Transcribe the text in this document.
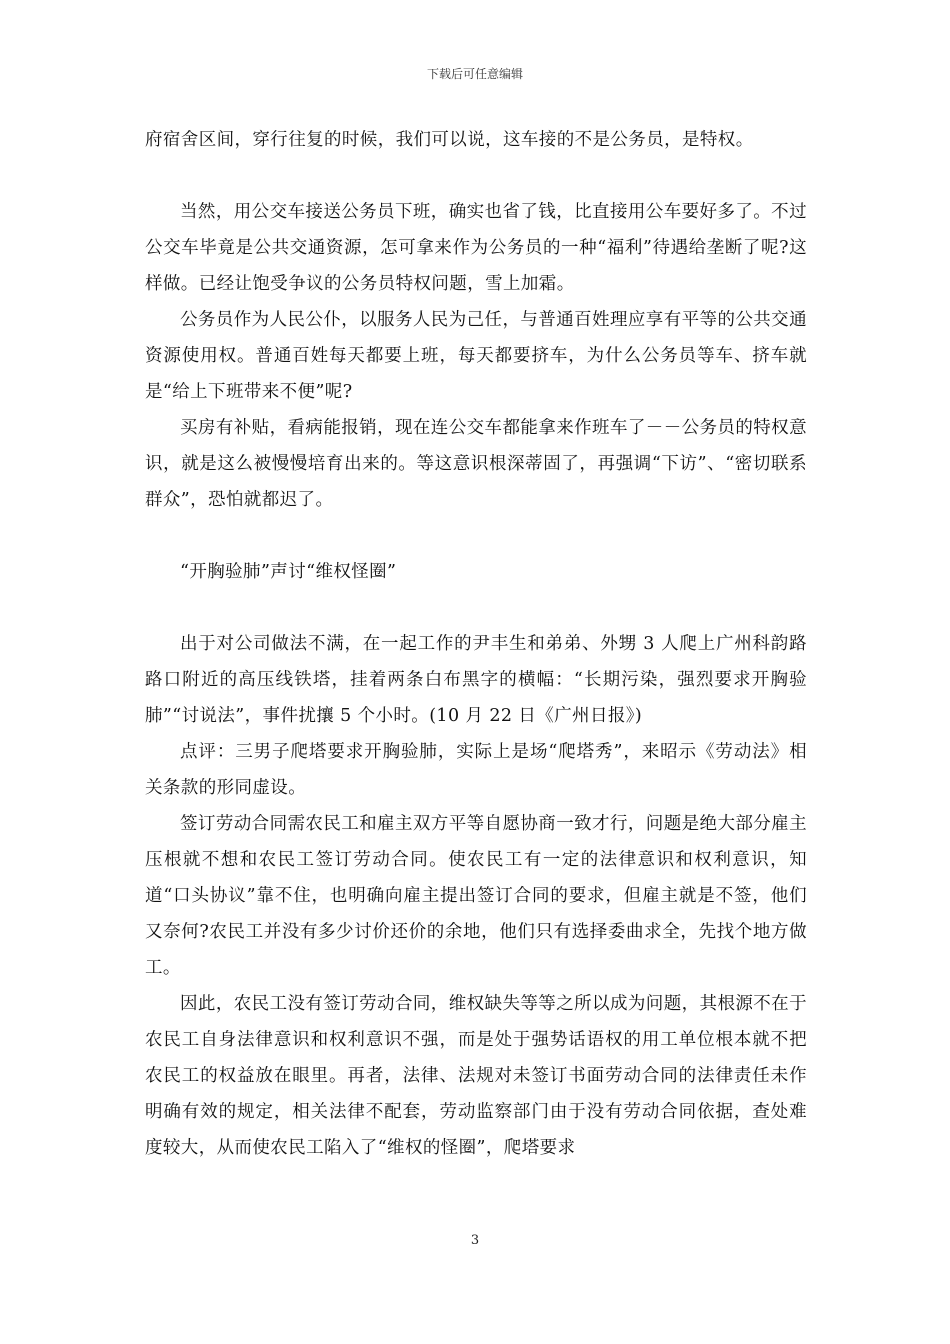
下载后可任意编辑

府宿舍区间，穿行往复的时候，我们可以说，这车接的不是公务员，是特权。

当然，用公交车接送公务员下班，确实也省了钱，比直接用公车要好多了。不过公交车毕竟是公共交通资源，怎可拿来作为公务员的一种“福利”待遇给垄断了呢?这样做。已经让饱受争议的公务员特权问题，雪上加霜。

公务员作为人民公仆，以服务人民为己任，与普通百姓理应享有平等的公共交通资源使用权。普通百姓每天都要上班，每天都要挤车，为什么公务员等车、挤车就是“给上下班带来不便”呢?

买房有补贴，看病能报销，现在连公交车都能拿来作班车了－－公务员的特权意识，就是这么被慢慢培育出来的。等这意识根深蒂固了，再强调“下访”、“密切联系群众”，恐怕就都迟了。

“开胸验肺”声讨“维权怪圈”

出于对公司做法不满，在一起工作的尹丰生和弟弟、外甥 3 人爬上广州科韵路路口附近的高压线铁塔，挂着两条白布黑字的横幅：“长期污染，强烈要求开胸验肺”“讨说法”，事件扰攘 5 个小时。(10 月 22 日《广州日报》)

点评：三男子爬塔要求开胸验肺，实际上是场“爬塔秀”，来昭示《劳动法》相关条款的形同虚设。

签订劳动合同需农民工和雇主双方平等自愿协商一致才行，问题是绝大部分雇主压根就不想和农民工签订劳动合同。使农民工有一定的法律意识和权利意识，知道“口头协议”靠不住，也明确向雇主提出签订合同的要求，但雇主就是不签，他们又奈何?农民工并没有多少讨价还价的余地，他们只有选择委曲求全，先找个地方做工。

因此，农民工没有签订劳动合同，维权缺失等等之所以成为问题，其根源不在于农民工自身法律意识和权利意识不强，而是处于强势话语权的用工单位根本就不把农民工的权益放在眼里。再者，法律、法规对未签订书面劳动合同的法律责任未作明确有效的规定，相关法律不配套，劳动监察部门由于没有劳动合同依据，查处难度较大，从而使农民工陷入了“维权的怪圈”，爬塔要求

3
